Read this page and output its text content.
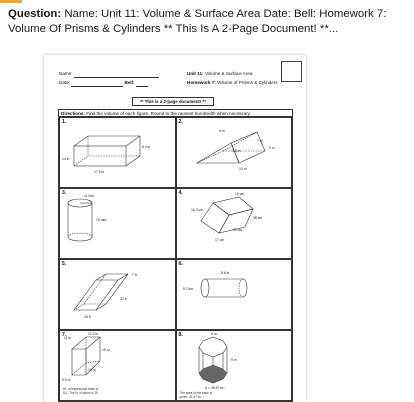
Question: Name: Unit 11: Volume & Surface Area Date: Bell: Homework 7: Volume Of Prisms & Cylinders ** This Is A 2-Page Document! **...
Name:
Date:	Bell:
Unit 11: Volume & Surface Area
Homework 7: Volume of Prisms & Cylinders
** This is a 2-page document! **
Directions: Find the volume of each figure. Round to the nearest hundredth when necessary.
1.
6.4 in
14 in
17.5 in
2.
8 m
7 m
3.8 m
5 m
10 m
3.	11 mm
19 mm
4.	15 cm
16.3 cm
38 cm
20 cm
17 cm
5.
7 ft
20 ft
18 ft
6.
8.6 in
5.2 km
7.
11 m
12.3 m
19 m
18 m
9.5 m
Ht. of trapezoidal base is 8.1. The ht of prism is 19
8.	4 m
9 m
A = 46.57 m²
The area of the base is given: 41.47 in²
